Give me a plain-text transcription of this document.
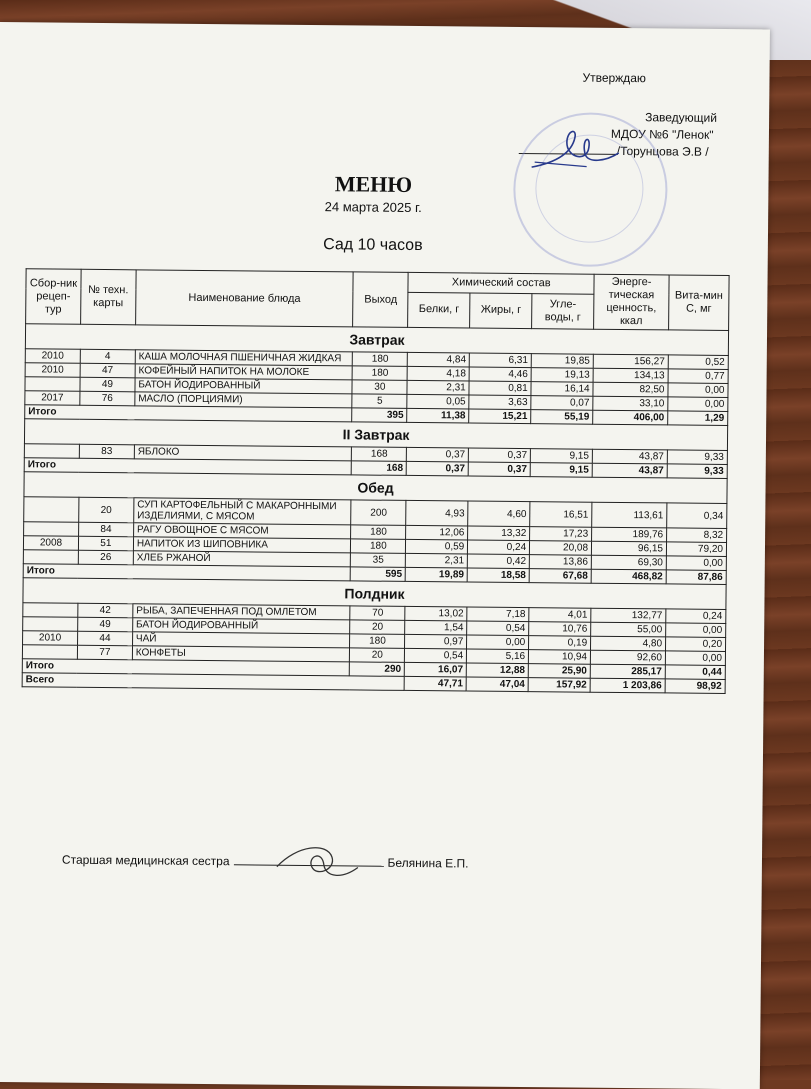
Утверждаю
Заведующий
МДОУ №6 "Ленок"
/Торунцова Э.В /
МЕНЮ
24 марта 2025 г.
Сад 10 часов
Сбор-ник рецеп-тур	№ техн. карты	Наименование блюда	Выход	Химический состав			Энерге-тическая ценность, ккал	Вита-мин С, мг
				Белки, г	Жиры, г	Угле-воды, г		
Завтрак								
2010	4	КАША МОЛОЧНАЯ ПШЕНИЧНАЯ ЖИДКАЯ	180	4,84	6,31	19,85	156,27	0,52
2010	47	КОФЕЙНЫЙ НАПИТОК НА МОЛОКЕ	180	4,18	4,46	19,13	134,13	0,77
	49	БАТОН ЙОДИРОВАННЫЙ	30	2,31	0,81	16,14	82,50	0,00
2017	76	МАСЛО (ПОРЦИЯМИ)	5	0,05	3,63	0,07	33,10	0,00
Итого			395	11,38	15,21	55,19	406,00	1,29
II Завтрак								
	83	ЯБЛОКО	168	0,37	0,37	9,15	43,87	9,33
Итого			168	0,37	0,37	9,15	43,87	9,33
Обед								
	20	СУП КАРТОФЕЛЬНЫЙ С МАКАРОННЫМИ ИЗДЕЛИЯМИ, С МЯСОМ	200	4,93	4,60	16,51	113,61	0,34
	84	РАГУ ОВОЩНОЕ С МЯСОМ	180	12,06	13,32	17,23	189,76	8,32
2008	51	НАПИТОК ИЗ ШИПОВНИКА	180	0,59	0,24	20,08	96,15	79,20
	26	ХЛЕБ РЖАНОЙ	35	2,31	0,42	13,86	69,30	0,00
Итого			595	19,89	18,58	67,68	468,82	87,86
Полдник								
	42	РЫБА, ЗАПЕЧЕННАЯ ПОД ОМЛЕТОМ	70	13,02	7,18	4,01	132,77	0,24
	49	БАТОН ЙОДИРОВАННЫЙ	20	1,54	0,54	10,76	55,00	0,00
2010	44	ЧАЙ	180	0,97	0,00	0,19	4,80	0,20
	77	КОНФЕТЫ	20	0,54	5,16	10,94	92,60	0,00
Итого			290	16,07	12,88	25,90	285,17	0,44
Всего				47,71	47,04	157,92	1 203,86	98,92
Старшая медицинская сестра	Белянина Е.П.
